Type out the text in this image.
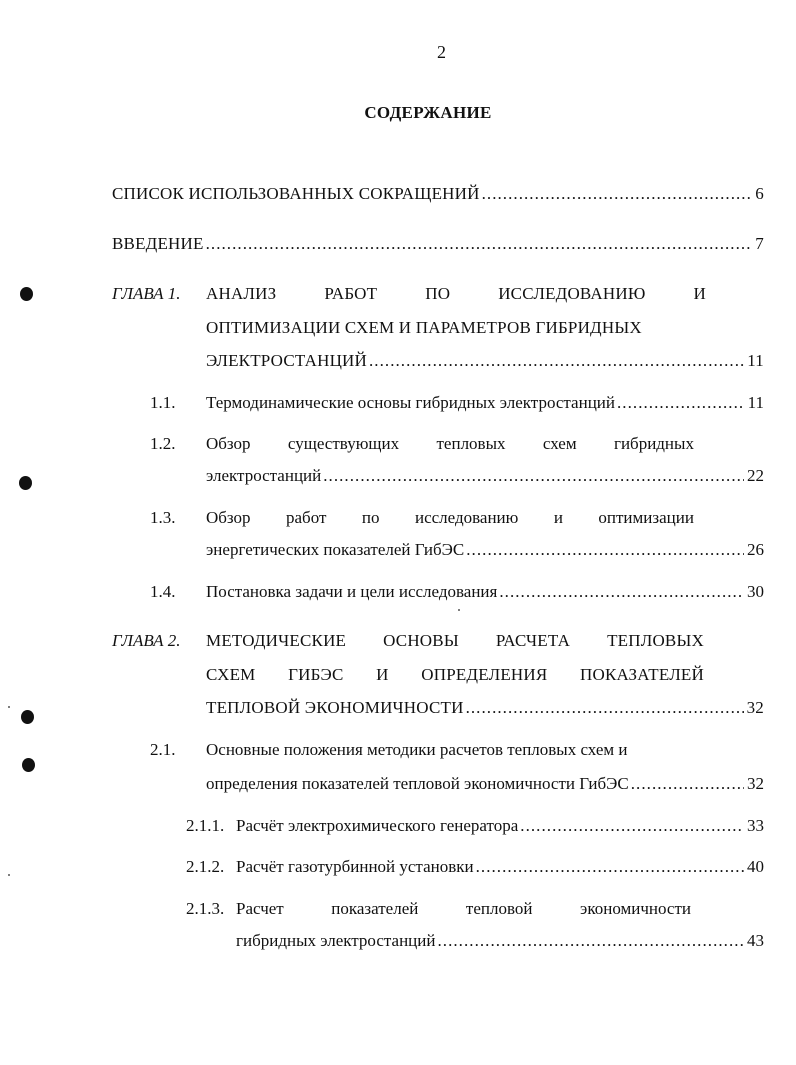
2
СОДЕРЖАНИЕ
СПИСОК ИСПОЛЬЗОВАННЫХ СОКРАЩЕНИЙ . . .	6
ВВЕДЕНИЕ . . .	7
ГЛАВА 1. АНАЛИЗ	РАБОТ	ПО	ИССЛЕДОВАНИЮ	И
ОПТИМИЗАЦИИ СХЕМ И ПАРАМЕТРОВ ГИБРИДНЫХ
ЭЛЕКТРОСТАНЦИЙ . . .	11
1.1. Термодинамические основы гибридных электростанций . . .	11
1.2. Обзор существующих тепловых схем гибридных
электростанций . . .	22
1.3. Обзор работ по исследованию и оптимизации
энергетических показателей ГибЭС . . .	26
1.4. Постановка задачи и цели исследования . . .	30
ГЛАВА 2. МЕТОДИЧЕСКИЕ ОСНОВЫ РАСЧЕТА ТЕПЛОВЫХ
СХЕМ ГИБЭС И ОПРЕДЕЛЕНИЯ ПОКАЗАТЕЛЕЙ
ТЕПЛОВОЙ ЭКОНОМИЧНОСТИ . . .	32
2.1. Основные положения методики расчетов тепловых схем и
определения показателей тепловой экономичности ГибЭС . . .	32
2.1.1. Расчёт электрохимического генератора . . .	33
2.1.2. Расчёт газотурбинной установки . . .	40
2.1.3. Расчет	показателей	тепловой	экономичности
гибридных электростанций . . .	43
